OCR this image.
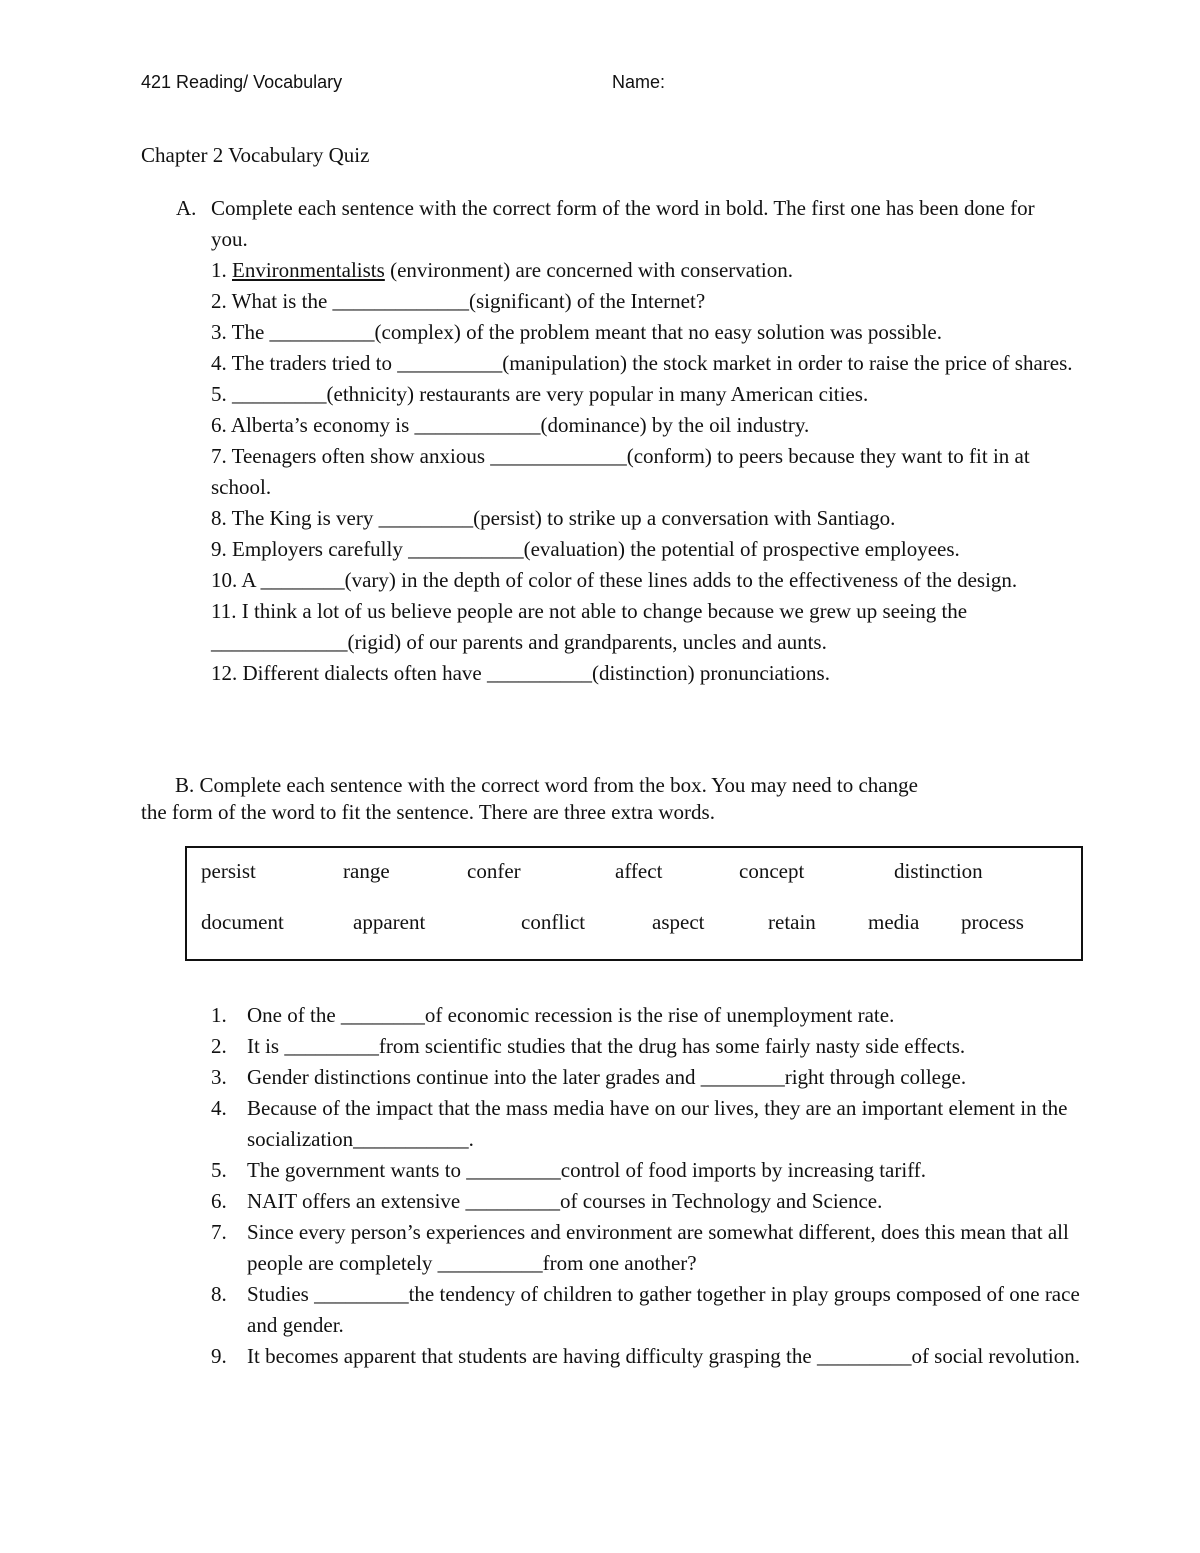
421 Reading/ Vocabulary	Name:
Chapter 2 Vocabulary Quiz
A. Complete each sentence with the correct form of the word in bold. The first one has been done for you.

1. Environmentalists (environment) are concerned with conservation.

2. What is the _____________(significant) of the Internet?

3. The __________(complex) of the problem meant that no easy solution was possible.

4. The traders tried to __________(manipulation) the stock market in order to raise the price of shares.

5. _________(ethnicity) restaurants are very popular in many American cities.

6. Alberta’s economy is ____________(dominance) by the oil industry.

7. Teenagers often show anxious _____________(conform) to peers because they want to fit in at school.

8. The King is very _________(persist) to strike up a conversation with Santiago.

9. Employers carefully ___________(evaluation) the potential of prospective employees.

10. A ________(vary) in the depth of color of these lines adds to the effectiveness of the design.

11. I think a lot of us believe people are not able to change because we grew up seeing the _____________(rigid) of our parents and grandparents, uncles and aunts.

12. Different dialects often have __________(distinction) pronunciations.

B. Complete each sentence with the correct word from the box. You may need to change

the form of the word to fit the sentence. There are three extra words.

persist	range	confer	affect	concept	distinction
document	apparent	conflict	aspect	retain media process
1. One of the ________of economic recession is the rise of unemployment rate.
2. It is _________from scientific studies that the drug has some fairly nasty side effects.
3. Gender distinctions continue into the later grades and ________right through college.
4. Because of the impact that the mass media have on our lives, they are an important element in the socialization___________.
5. The government wants to _________control of food imports by increasing tariff.
6. NAIT offers an extensive _________of courses in Technology and Science.
7. Since every person’s experiences and environment are somewhat different, does this mean that all people are completely __________from one another?
8. Studies _________the tendency of children to gather together in play groups composed of one race and gender.
9. It becomes apparent that students are having difficulty grasping the _________of social revolution.
